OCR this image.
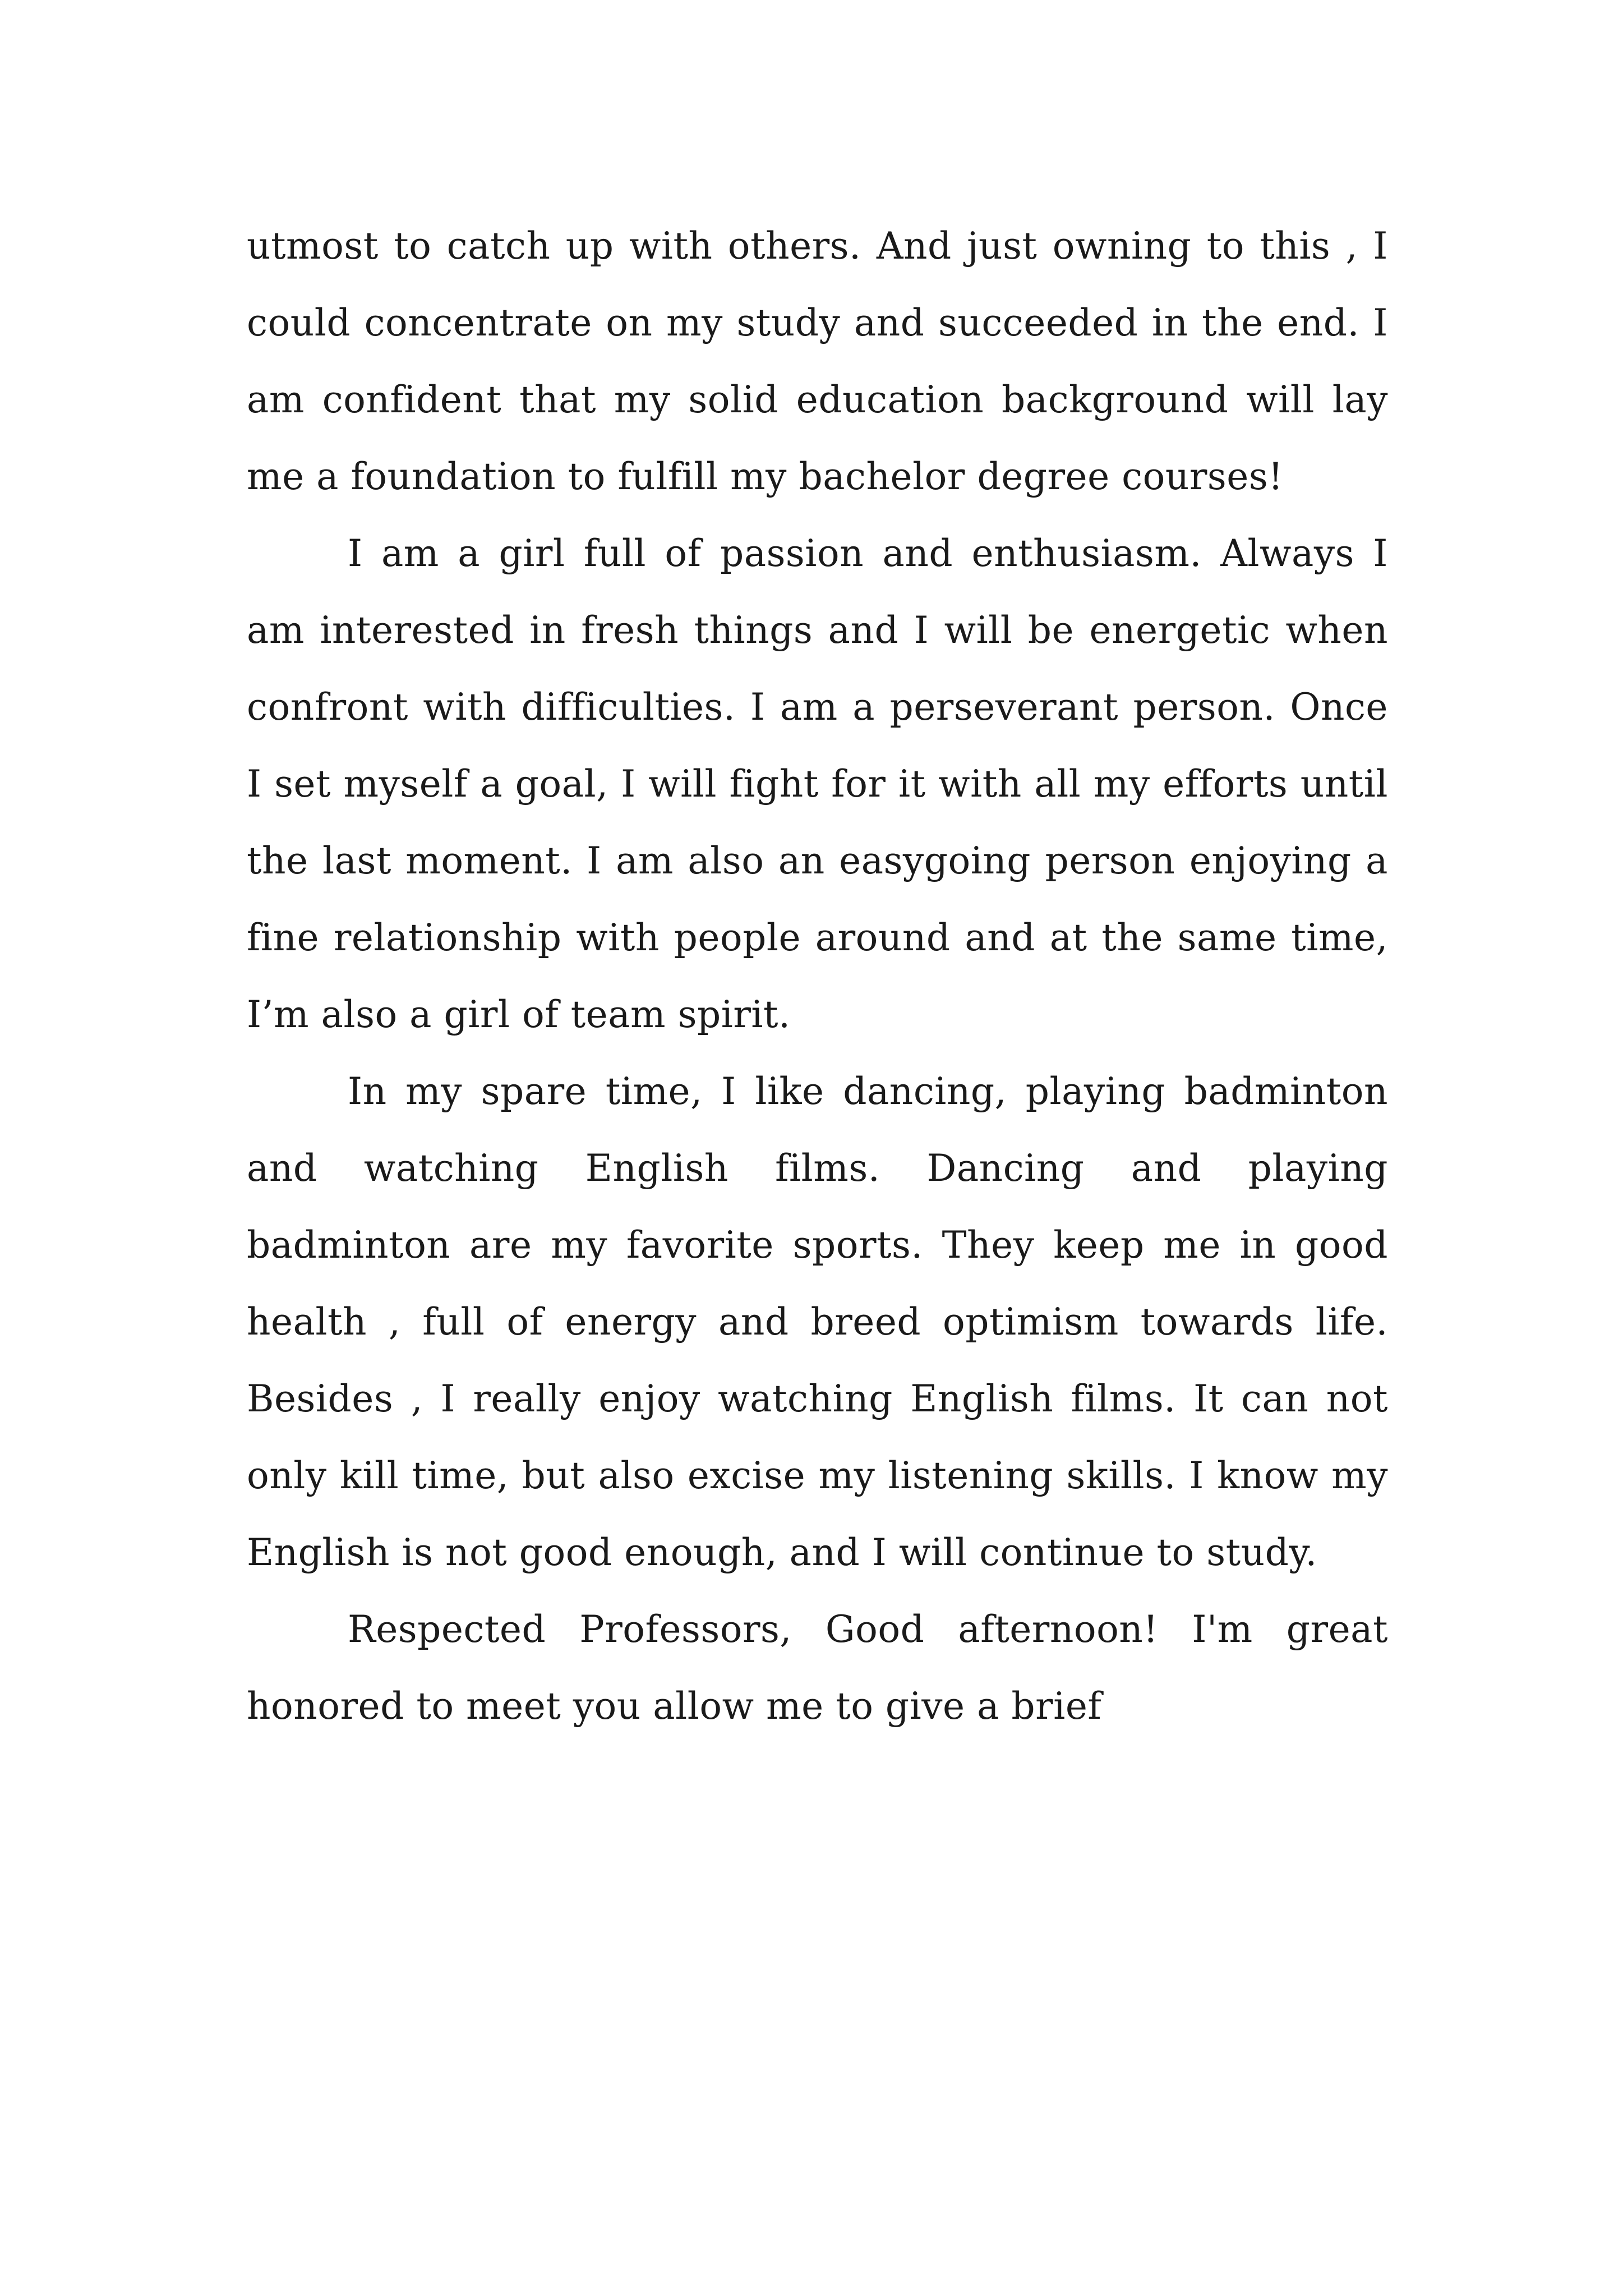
utmost to catch up with others. And just owning to this , I could concentrate on my study and succeeded in the end. I am confident that my solid education background will lay me a foundation to fulfill my bachelor degree courses!

I am a girl full of passion and enthusiasm. Always I am interested in fresh things and I will be energetic when confront with difficulties. I am a perseverant person. Once I set myself a goal, I will fight for it with all my efforts until the last moment. I am also an easygoing person enjoying a fine relationship with people around and at the same time, I’m also a girl of team spirit.

In my spare time, I like dancing, playing badminton and watching English films. Dancing and playing badminton are my favorite sports. They keep me in good health , full of energy and breed optimism towards life. Besides , I really enjoy watching English films. It can not only kill time, but also excise my listening skills. I know my English is not good enough, and I will continue to study.

Respected Professors, Good afternoon! I'm great honored to meet you allow me to give a brief
